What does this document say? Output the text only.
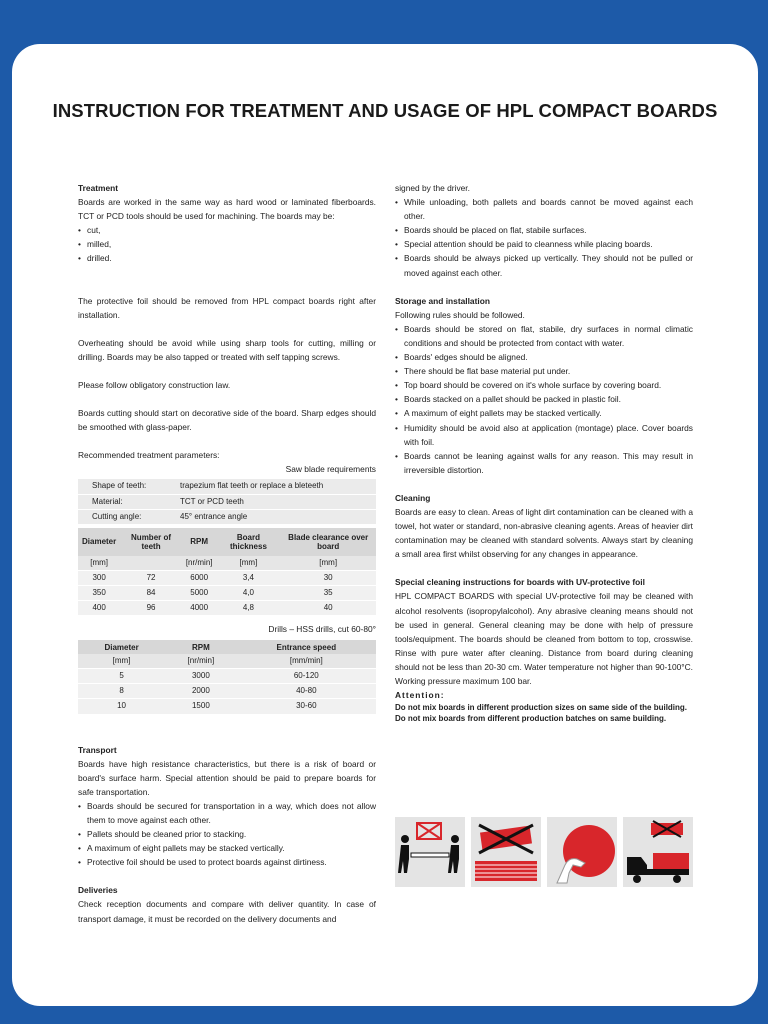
INSTRUCTION FOR TREATMENT AND USAGE OF HPL COMPACT BOARDS
Treatment

Boards are worked in the same way as hard wood or laminated fiberboards. TCT or PCD tools should be used for machining. The boards may be:

• cut,
• milled,
• drilled.

The protective foil should be removed from HPL compact boards right after installation.

Overheating should be avoid while using sharp tools for cutting, milling or drilling. Boards may be also tapped or treated with self tapping screws.

Please follow obligatory construction law.

Boards cutting should start on decorative side of the board. Sharp edges should be smoothed with glass-paper.

Recommended treatment parameters:

Saw blade requirements
Shape of teeth:	trapezium flat teeth or replace a bleteeth
Material:	TCT or PCD teeth
Cutting angle:	45° entrance angle
Diameter	Number of teeth	RPM	Board thickness	Blade clearance over board
[mm]		[nr/min]	[mm]	[mm]
300	72	6000	3,4	30
350	84	5000	4,0	35
400	96	4000	4,8	40
Drills – HSS drills, cut 60-80°
Diameter	RPM	Entrance speed
[mm]	[nr/min]	[mm/min]
5	3000	60-120
8	2000	40-80
10	1500	30-60
Transport

Boards have high resistance characteristics, but there is a risk of board or board's surface harm. Special attention should be paid to prepare boards for safe transportation.

• Boards should be secured for transportation in a way, which does not allow them to move against each other.
• Pallets should be cleaned prior to stacking.
• A maximum of eight pallets may be stacked vertically.
• Protective foil should be used to protect boards against dirtiness.
Deliveries

Check reception documents and compare with deliver quantity. In case of transport damage, it must be recorded on the delivery documents and

signed by the driver.

• While unloading, both pallets and boards cannot be moved against each other.
• Boards should be placed on flat, stabile surfaces.
• Special attention should be paid to cleanness while placing boards.
• Boards should be always picked up vertically. They should not be pulled or moved against each other.
Storage and installation

Following rules should be followed.

• Boards should be stored on flat, stabile, dry surfaces in normal climatic conditions and should be protected from contact with water.
• Boards' edges should be aligned.
• There should be flat base material put under.
• Top board should be covered on it's whole surface by covering board.
• Boards stacked on a pallet should be packed in plastic foil.
• A maximum of eight pallets may be stacked vertically.
• Humidity should be avoid also at application (montage) place. Cover boards with foil.
• Boards cannot be leaning against walls for any reason. This may result in irreversible distortion.
Cleaning

Boards are easy to clean. Areas of light dirt contamination can be cleaned with a towel, hot water or standard, non-abrasive cleaning agents. Areas of heavier dirt contamination may be cleaned with standard solvents. Always start by cleaning a small area first whilst observing for any changes in appearance.

Special cleaning instructions for boards with UV-protective foil

HPL COMPACT BOARDS with special UV-protective foil may be cleaned with alcohol resolvents (isopropylalcohol). Any abrasive cleaning means should not be used in general. General cleaning may be done with help of pressure tools/equipment. The boards should be cleaned from bottom to top, crosswise. Rinse with pure water after cleaning. Distance from board during cleaning should not be less than 20-30 cm. Water temperature not higher than 90-100°C. Working pressure maximum 100 bar.

Attention:
Do not mix boards in different production sizes on same side of the building.
Do not mix boards from different production batches on same building.
